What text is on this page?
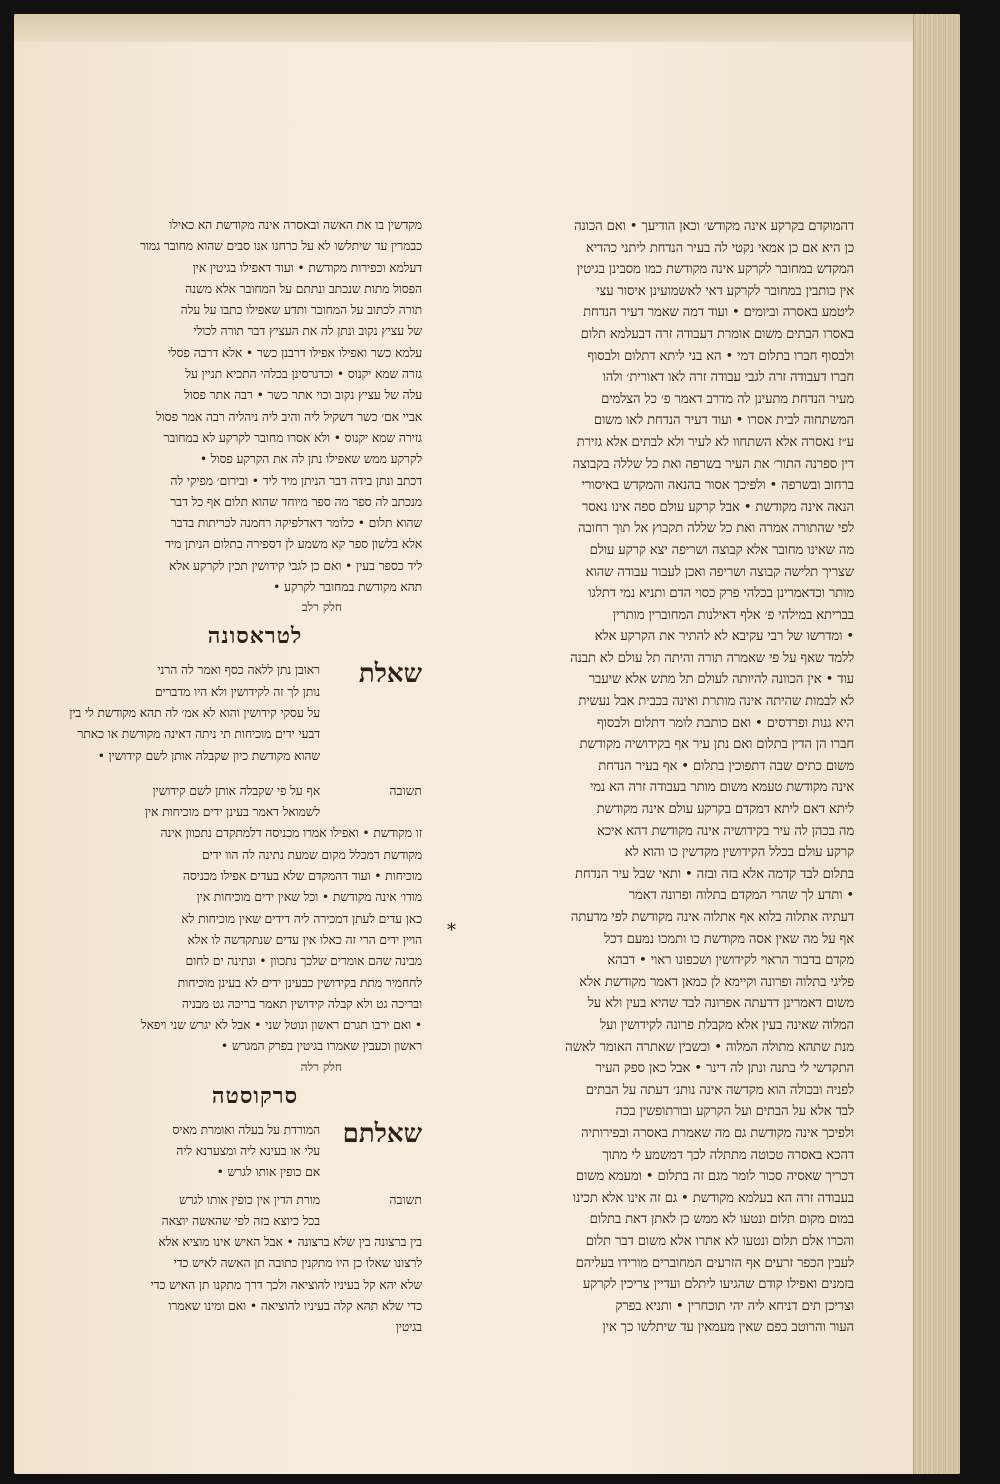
דהמוקדם בקרקע אינה מקודש׳ וכאן הודיעך • ואם הכונה
כן היא אם כן אמאי נקטי לה בעיר הנדחת ליתני כהדיא
המקדש במחובר לקרקע אינה מקודשת כמו מסבינן בגיטין
אין כותבין במחובר לקרקע דאי לאשמועינן איסור עצי
ליטמע באסרה וביומים • ועוד דמה שאמר דעיר הנדחת
באסרו הבתים משום אומרת דעבודה זרה דבעלמא תלום
ולבסוף חברו בתלום דמי • הא בני ליתא דתלום ולבסוף
חברו דעבודה זרה לגבי עבודה זרה לאו דאורית׳ ולהו
מעיר הנדחת מתעינן לה מדרב דאמר פ׳ כל הצלמים
המשתחוה לבית אסרו • ועוד דעיר הנדחת לאו משום
ע״ז נאסרה אלא השתחוו לא לעיר ולא לבתים אלא גזירת
דין ספרנה התור׳ את העיר בשרפה ואת כל שללה בקבוצה
ברחוב ובשרפה • ולפיכך אסור בהנאה והמקדש באיסורי
הנאה אינה מקודשת • אבל קרקע עולם ספה אינו נאסר
לפי שהתורה אמרה ואת כל שללה תקבוץ אל תוך רחובה
מה שאינו מחובר אלא קבוצה ושריפה יצא קרקע עולם
שצריך תלישה קבוצה ושריפה ואכן לעבור עבודה שהוא
מותר וכדאמרינן בכלהי פרק כסוי הדם ותניא נמי דתלגו
בבריתא במילהי פ׳ אלף דאילנות המחוברין מותרין
• ומדרשו של רבי עקיבא לא להתיר את הקרקע אלא
ללמד שאף על פי שאמרה תורה והיתה תל עולם לא תבנה
עוד • אין הכוונה להיותה לעולם תל מתש אלא שיעבר
לא לבמות שהיתה אינה מותרת ואינה בכבית אבל נעשית
היא גנות ופרדסים • ואם כותבת לומר דתלום ולבסוף
חברו הן הדין בתלום ואם נתן עיר אף בקידושיה מקודשת
משום כתים שבה דתפוכין בתלום • אף בעיר הנדחת
אינה מקודשת טעמא משום מותר בעבודה זרה הא נמי
ליתא דאם ליתא דמקדם בקרקע עולם אינה מקודשת
מה בכהן לה עיר בקידושיה אינה מקודשת דהא איכא
קרקע עולם בכלל הקידושין מקדשין כו והוא לא
בתלום לבד קדמה אלא בזה ובזה • ותאי שבל עיר הנדחת
• ותדע לך שהרי המקדם בתלוה ופרונה דאמר
דעתיה אתלוה בלוא אף אתלוה אינה מקודשת לפי מדעתה
אף על מה שאין אסה מקודשת כו ותמכו נמעם דכל
מקדם בדבור הראוי לקידושין ושכפונו ראוי • דבהא
פליגי בתלוה ופרונה וקיימא לן כמאן דאמר מקודשת אלא
משום דאמרינן דדעתה אפרונה לבד שהיא בעין ולא על
המלוה שאינה בעין אלא מקבלת פרונה לקידושין ועל
מנת שתהא מתולה המלוה • וכשבין שאתרה האומר לאשה
התקדשי לי בתנה ונתן לה דינר • אבל כאן ספק העיר
לפניה ובכולה הוא מקדשה אינה נותנ׳ דעתה על הבתים
לבד אלא על הבתים ועל הקרקע ובורתופשין בכה
ולפיכך אינה מקודשת גם מה שאמרת באסרה ובפירותיה
דהכא באסרה טכוטה מתתלה לכך דמשמע לי מתוך
דכריך שאסיה סכור לומר מגם זה בתלום • ומעמא משום
בעבודה זרה הא בעלמא מקודשת • גם זה אינו אלא תכינו
במום מקום תלום ונטעו לא ממש כן לאתן דאת בתלום
והכרו אלם תלום ונטעו לא אתרו אלא משום דבר תלום
לעבין הכפר זרעים אף הזרעים המחוברים מורידו בעליהם
בזמנים ואפילו קודם שהגיעו ליתלם ועדיין צריכין לקרקע
וצריכן תים דניחא ליה יהי תוכחרין • ותניא בפרק
העור והרוטב כפם שאין מעמאין עד שיתלשו כך אין
מקדשין בו את האשה ובאסרה אינה מקודשת הא כאילו
כבמרין עד שיתלשו לא על כרחנו אנו סבים שהוא מחובר גמור
דעלמא וכפירות מקודשת • ועוד דאפילו בגיטין אין
הפסול מתות שנכתב ונתתם על המחובר אלא משנה
תורה לכתוב על המחובר ותדע שאפילו כתבו על עלה
של עציץ נקוב ונתן לה את העציץ דבר תורה לכולי
עלמא כשר ואפילו אפילו דרבנן כשר • אלא דרבה פסלי
גזרה שמא יקנוס • וכדגרסינן בכלהי התכיא תניין על
עלה של עציץ נקוב וכוי אתר כשר • רבה אתר פסול
אביי אם׳ כשר דשקיל ליה והיב ליה ניהליה רבה אמר פסול
גזירה שמא יקנוס • ולא אסרו מחובר לקרקע לא במחובר
לקרקע ממש שאפילו נתן לה את הקרקע פסול •
דכתב ונתן בידה דבר הניתן מיד ליד • ובירום׳ מפיקי לה
מנכתב לה ספר מה ספר מיוחד שהוא תלום אף כל דבר
שהוא תלום • כלומר דאדלפיקה רחמנה לכריתות בדבר
אלא בלשון ספר קא משמע לן דספירה בתלום הניתן מיד
ליד כספר בעין • ואם כן לגבי קידושין תכין לקרקע אלא
תהא מקודשת במחובר לקרקע •
חלק רלב
לטראסונה
שאלת
ראובן נתן ללאה כסף ואמר לה הרני
נותן לך זה לקידושין ולא היו מדברים
על עסקי קידושין והוא לא אמ׳ לה תהא מקודשת לי בין
דבעי ידים מוכיחות תי ניתה דאינה מקודשת או כאתר
שהוא מקודשת כיון שקבלה אותן לשם קידושין •
תשובה
אף על פי שקבלה אותן לשם קידושין
לשמואל דאמר בעינן ידים מוכיחות אין
זו מקודשת • ואפילו אמרו מכניסה דלמתקדם נתכוון אינה
מקודשת דמכלל מקום שמעת נתינה לה הוו ידים
מוכיחות • ועוד דהמקדם שלא בעדים אפילו מכניסה
מודו׳ אינה מקודשת • וכל שאין ידים מוכיחות אין
כאן עדים לעתן דמכירה ליה דידים שאין מוכיחות לא
הויין ידים הרי זה כאלו אין עדים שנתקדשה לו אלא
מבינה שהם אומרים שלכך נתכוון • ונתינה ים לחום
לחחמיר מתת בקידושין כבעינן ידים לא בעינן מוכיחות
ובריכה גט ולא קבלה קידושין תאמר בריכה גט מבניה
• ואם ירבו תגרם ראשון ונוטל שני • אבל לא יגרש שני ויפאל
ראשון וכעבין שאמרו בגיטין בפרק המגרש •
חלק רלה
סרקוסטה
שאלתם
המורדת על בעלה ואומרת מאיס
עלי או בעינא ליה ומצערנא ליה
אם כופין אותו לגרש •
תשובה
מורת הדין אין כופין אותו לגרש
בכל כיוצא בזה לפי שהאשה יוצאה
בין ברצונה בין שלא ברצונה • אבל האיש אינו מוציא אלא
לרצונו שאלו כן היו מתקנין כתובה תן האשה לאיש כדי
שלא יהא קל בעיניו להוציאה ולכך דרך מתקנו תן האיש כדי
כדי שלא תהא קלה בעיניו להוציאה • ואם ומינו שאמרו
בגיטין
*
